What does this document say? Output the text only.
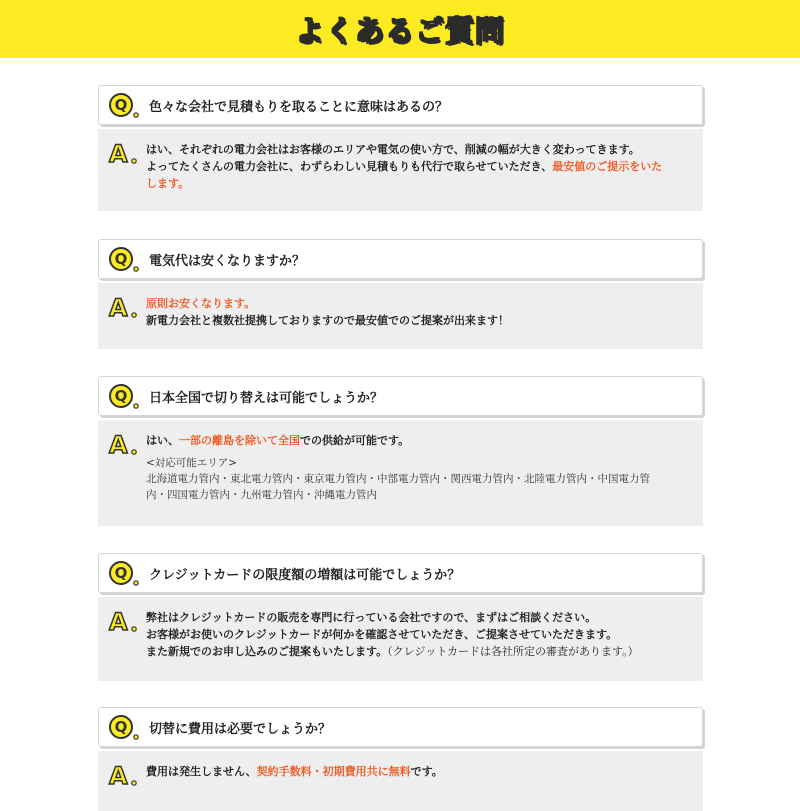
よくあるご質問
Q 色々な会社で見積もりを取ることに意味はあるの？
A はい、それぞれの電力会社はお客様のエリアや電気の使い方で、削減の幅が大きく変わってきます。
よってたくさんの電力会社に、わずらわしい見積もりも代行で取らせていただき、最安値のご提示をいた
します。
Q 電気代は安くなりますか？
A 原則お安くなります。
新電力会社と複数社提携しておりますので最安値でのご提案が出来ます！
Q 日本全国で切り替えは可能でしょうか？
A はい、一部の離島を除いて全国での供給が可能です。
<対応可能エリア>
北海道電力管内・東北電力管内・東京電力管内・中部電力管内・関西電力管内・北陸電力管内・中国電力管
内・四国電力管内・九州電力管内・沖縄電力管内
Q クレジットカードの限度額の増額は可能でしょうか？
A 弊社はクレジットカードの販売を専門に行っている会社ですので、まずはご相談ください。
お客様がお使いのクレジットカードが何かを確認させていただき、ご提案させていただきます。
また新規でのお申し込みのご提案もいたします。（クレジットカードは各社所定の審査があります。）
Q 切替に費用は必要でしょうか？
A 費用は発生しません、契約手数料・初期費用共に無料です。
